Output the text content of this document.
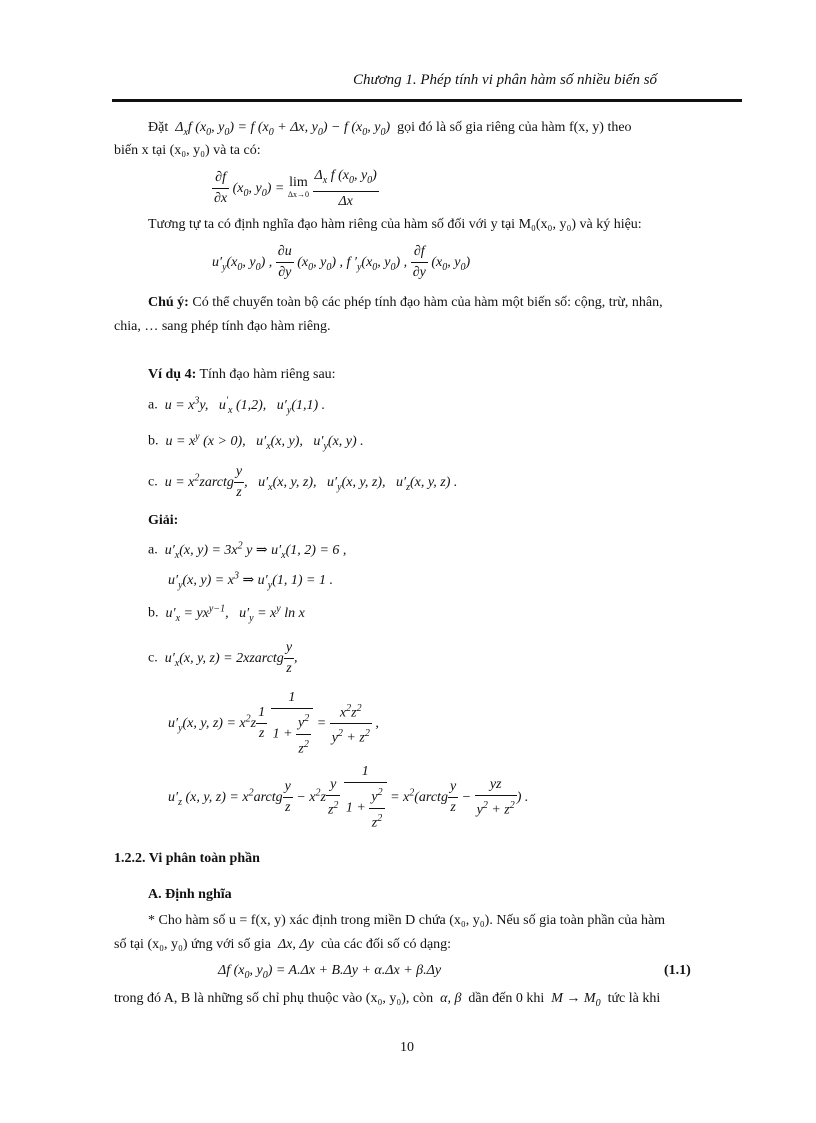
Chương 1. Phép tính vi phân hàm số nhiều biến số
Đặt  $\Delta_xf$ ($x_0$, $y_0) = f$ ($x_0 + \Delta x$, $y_0) - f$ ($x_0$, $y_0$)  gọi đó là số gia riêng của hàm f(x, y) theo
biến x tại (x₀, y₀) và ta có:
$\frac{\partial f}{\partial x} (x_0$, $y_0) = \lim$
Δx→0
$\frac{\Delta_x f (x_0, y_0)}{\Delta x}$
Tương tự ta có định nghĩa đạo hàm riêng của hàm số đối với y tại M₀(x₀, y₀) và ký hiệu:
$u'_y(x_0$, $y_0$) , $\frac{\partial u}{\partial y} (x_0$, $y_0$) , f $'_y(x_0$, $y_0$) , $\frac{\partial f}{\partial y} (x_0$, $y_0$)
Chú ý: Có thể chuyển toàn bộ các phép tính đạo hàm của hàm một biến số: cộng, trừ, nhân,
chia, … sang phép tính đạo hàm riêng.
Ví dụ 4: Tính đạo hàm riêng sau:
a.  $u = x^3y$,   $u'_x$ (1,2),   $u'_y(1,1)$ .
b.  $u = x^y$ (x > 0),   $u'_x(x$, y),   $u'_y(x$, y) .
c.  $u = x^2zarctg \frac{y}{z}$ ,   $u'_x(x$, y, z),   $u'_y(x$, y, z),   $u'_z(x$, y, z) .
Giải:
a.  $u'_x(x$, $y) = 3x^2$ y ⇒ $u'_x(1$, 2) = 6 ,
$u'_y(x$, $y) = x^3$ ⇒ $u'_y(1$, 1) = 1 .
b.  $u'_x = yx^{y-1}$,   $u'_y = x^y$ ln x
c.  $u'_x(x$, y, z) = 2xzarctg $\frac{y}{z}$ ,
$u'_y(x$, y, $z) = x^2z \frac{1}{z}$
$\frac{1}{1 + \frac{y^2}{z^2}} = \frac{x^2z^2}{y^2 + z^2}$ ,
$u'_z$ (x, y, $z) = x^2arctg \frac{y}{z} - x^2z \frac{y}{z^2}$
$\frac{1}{1 + \frac{y^2}{z^2}}$ = $x^2(arctg \frac{y}{z} - \frac{yz}{y^2 + z^2}$ ) .
1.2.2. Vi phân toàn phần
A. Định nghĩa
* Cho hàm số u = f(x, y) xác định trong miền D chứa (x₀, y₀). Nếu số gia toàn phần của hàm
số tại (x₀, y₀) ứng với số gia  Δx, Δy  của các đối số có dạng:
Δf ($x_0$, $y_0) = A.\Delta x + B.\Delta y + \alpha.\Delta x + \beta.\Delta y$	(1.1)
trong đó A, B là những số chỉ phụ thuộc vào (x₀, y₀), còn  α, β  dần đến 0 khi  $M \to M_0$ tức là khi
10
